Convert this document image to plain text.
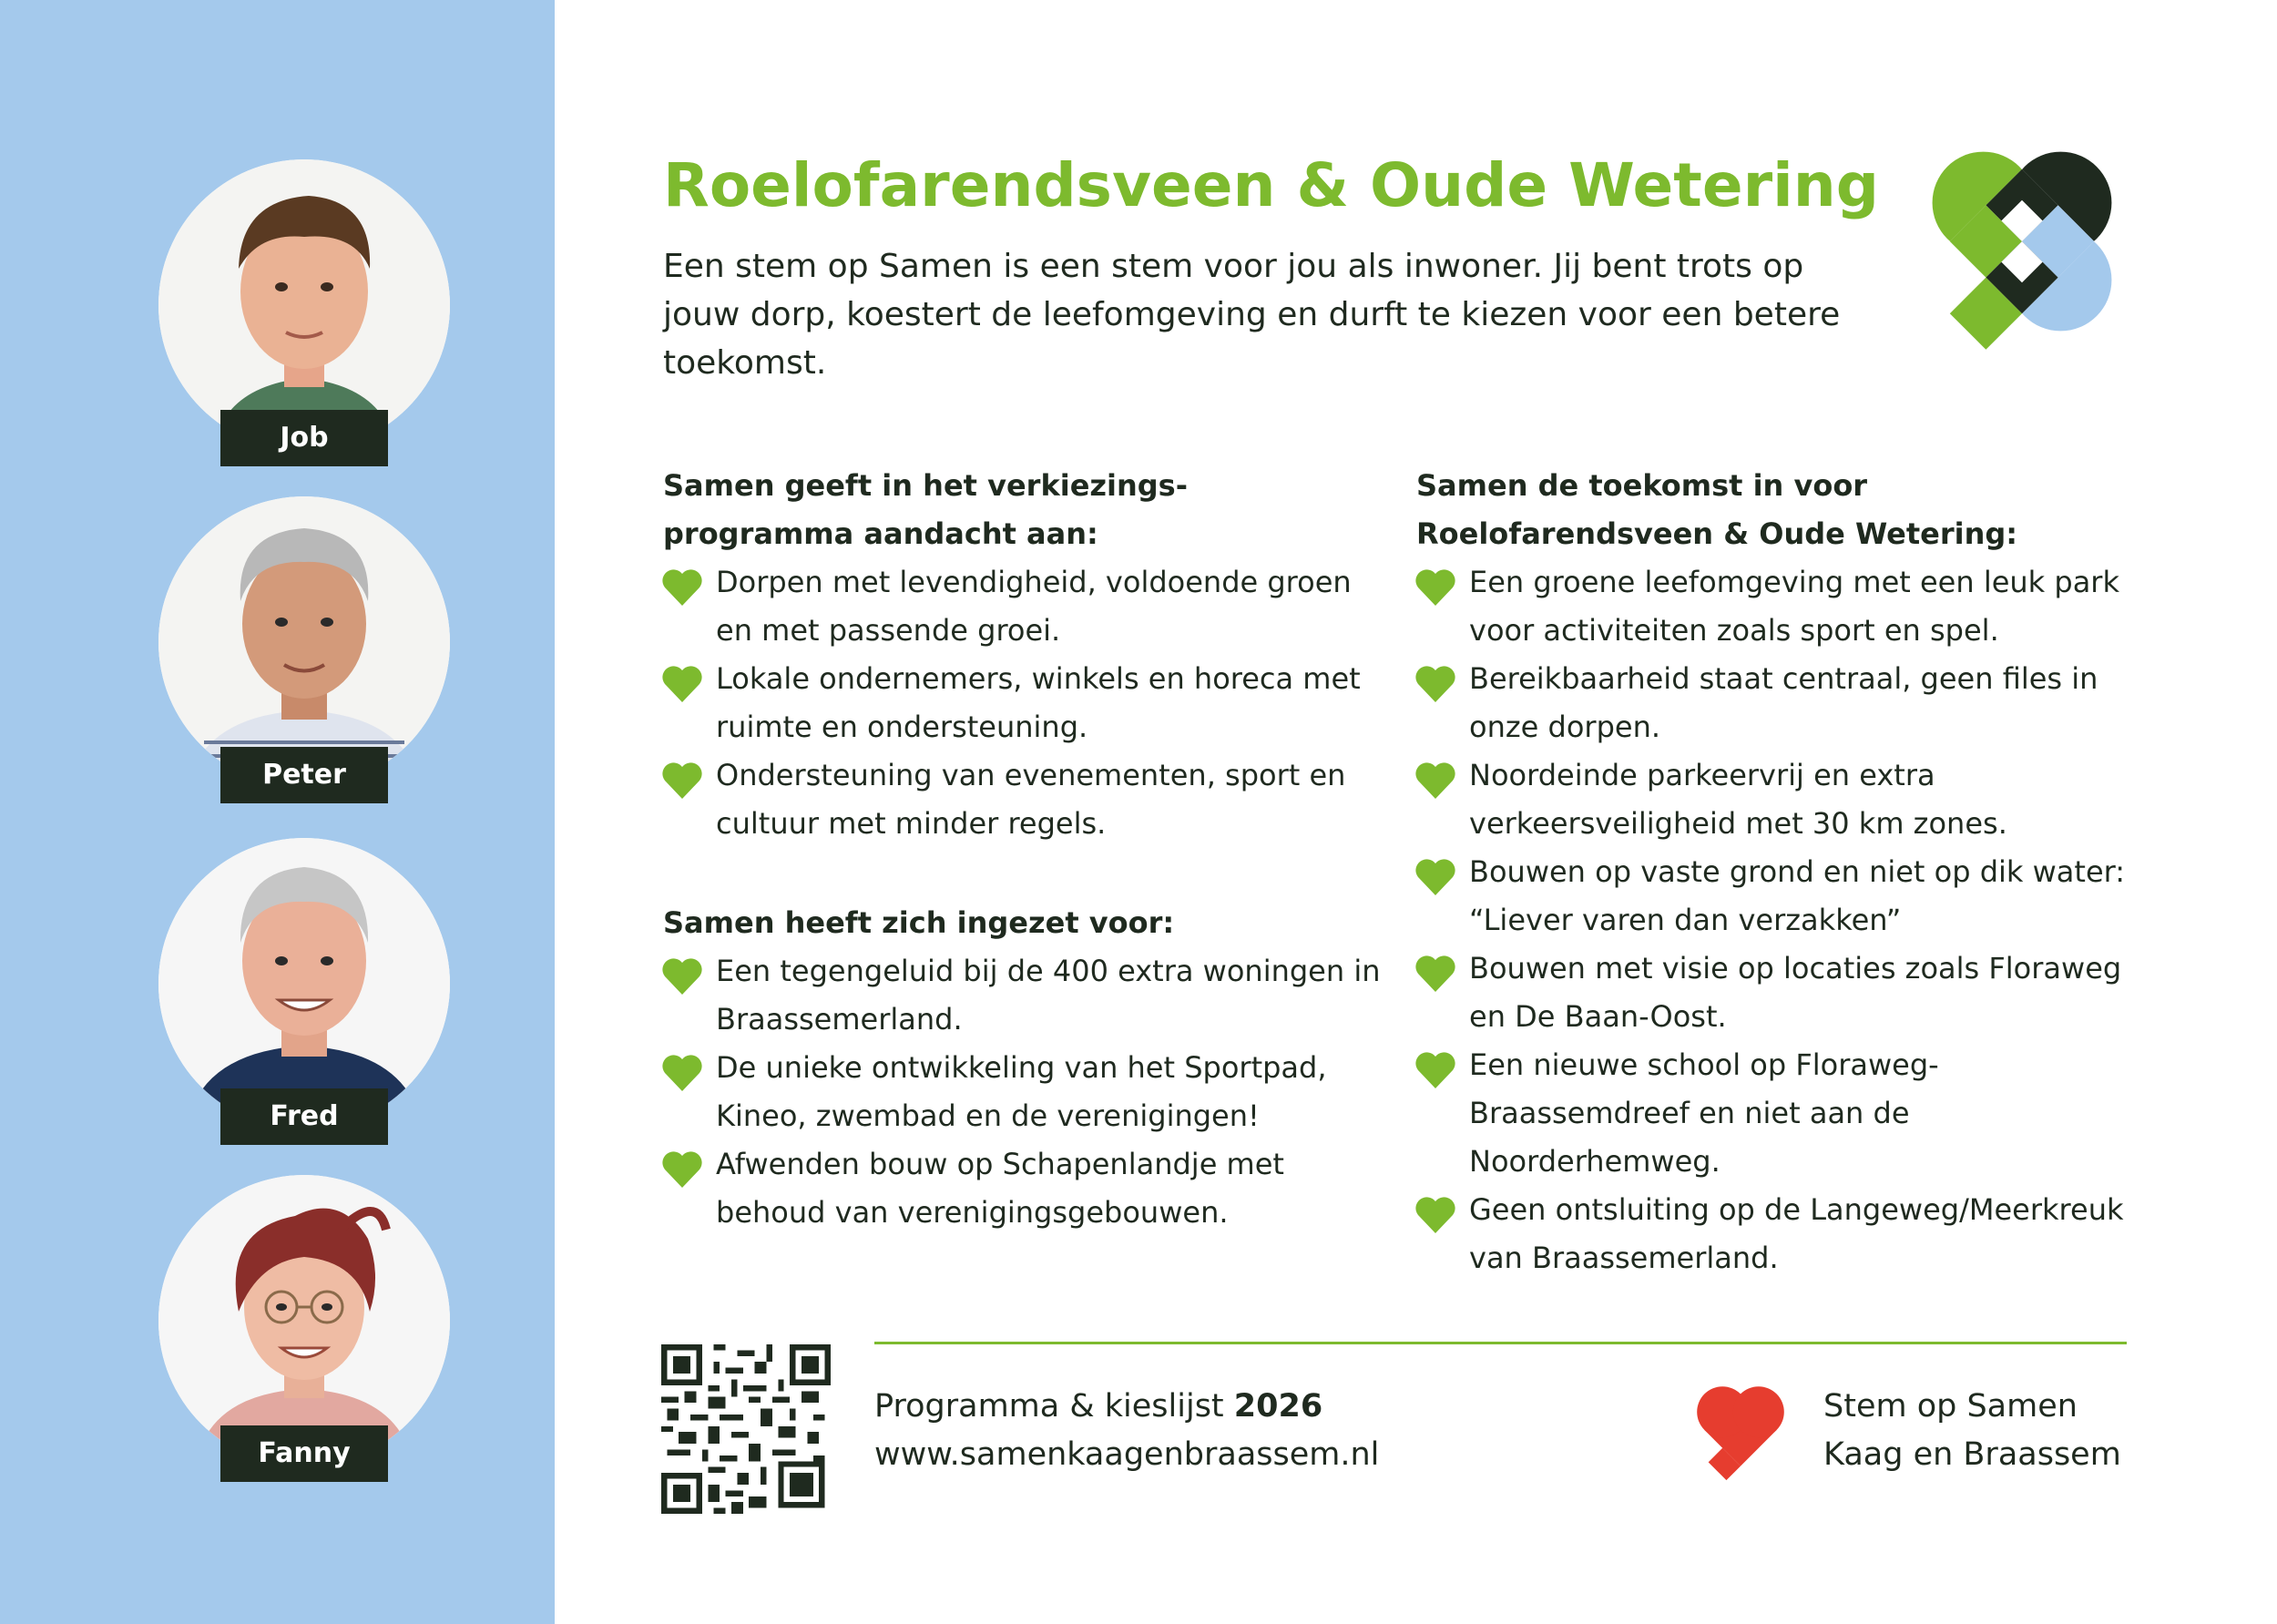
Job
Peter
Fred
Fanny
Roelofarendsveen & Oude Wetering

Een stem op Samen is een stem voor jou als inwoner. Jij bent trots op jouw dorp, koestert de leefomgeving en durft te kiezen voor een betere toekomst.

Samen geeft in het verkiezings-
programma aandacht aan:
Dorpen met levendigheid, voldoende groen en met passende groei.
Lokale ondernemers, winkels en horeca met ruimte en ondersteuning.
Ondersteuning van evenementen, sport en cultuur met minder regels.
Samen heeft zich ingezet voor:
Een tegengeluid bij de 400 extra woningen in Braassemerland.
De unieke ontwikkeling van het Sportpad, Kineo, zwembad en de verenigingen!
Afwenden bouw op Schapenlandje met behoud van verenigingsgebouwen.
Samen de toekomst in voor
Roelofarendsveen & Oude Wetering:
Een groene leefomgeving met een leuk park voor activiteiten zoals sport en spel.
Bereikbaarheid staat centraal, geen files in onze dorpen.
Noordeinde parkeervrij en extra verkeersveiligheid met 30 km zones.
Bouwen op vaste grond en niet op dik water: “Liever varen dan verzakken”
Bouwen met visie op locaties zoals Floraweg en De Baan-Oost.
Een nieuwe school op Floraweg-Braassemdreef en niet aan de Noorderhemweg.
Geen ontsluiting op de Langeweg/Meerkreuk van Braassemerland.

Programma & kieslijst 2026
www.samenkaagenbraassem.nl

Stem op Samen
Kaag en Braassem
